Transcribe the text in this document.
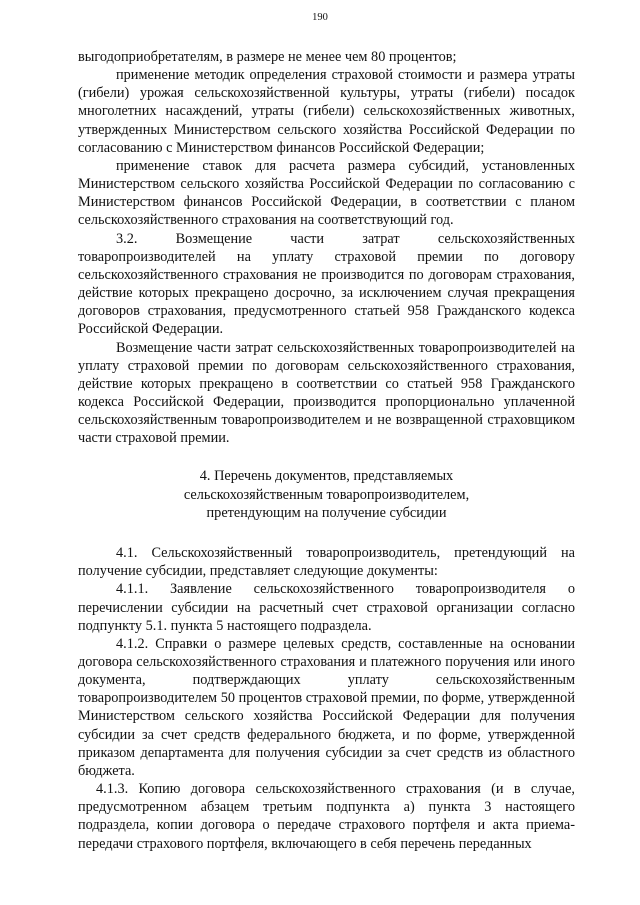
190

выгодоприобретателям, в размере не менее чем 80 процентов;

применение методик определения страховой стоимости и размера утраты (гибели) урожая сельскохозяйственной культуры, утраты (гибели) посадок многолетних насаждений, утраты (гибели) сельскохозяйственных животных, утвержденных Министерством сельского хозяйства Российской Федерации по согласованию с Министерством финансов Российской Федерации;

применение ставок для расчета размера субсидий, установленных Министерством сельского хозяйства Российской Федерации по согласованию с Министерством финансов Российской Федерации, в соответствии с планом сельскохозяйственного страхования на соответствующий год.

3.2. Возмещение части затрат сельскохозяйственных товаропроизводителей на уплату страховой премии по договору сельскохозяйственного страхования не производится по договорам страхования, действие которых прекращено досрочно, за исключением случая прекращения договоров страхования, предусмотренного статьей 958 Гражданского кодекса Российской Федерации.

Возмещение части затрат сельскохозяйственных товаропроизводителей на уплату страховой премии по договорам сельскохозяйственного страхования, действие которых прекращено в соответствии со статьей 958 Гражданского кодекса Российской Федерации, производится пропорционально уплаченной сельскохозяйственным товаропроизводителем и не возвращенной страховщиком части страховой премии.

4. Перечень документов, представляемых
сельскохозяйственным товаропроизводителем,
претендующим на получение субсидии

4.1. Сельскохозяйственный товаропроизводитель, претендующий на получение субсидии, представляет следующие документы:

4.1.1. Заявление сельскохозяйственного товаропроизводителя о перечислении субсидии на расчетный счет страховой организации согласно подпункту 5.1. пункта 5 настоящего подраздела.

4.1.2. Справки о размере целевых средств, составленные на основании договора сельскохозяйственного страхования и платежного поручения или иного документа, подтверждающих уплату сельскохозяйственным товаропроизводителем 50 процентов страховой премии, по форме, утвержденной Министерством сельского хозяйства Российской Федерации для получения субсидии за счет средств федерального бюджета, и по форме, утвержденной приказом департамента для получения субсидии за счет средств из областного бюджета.

4.1.3. Копию договора сельскохозяйственного страхования (и в случае, предусмотренном абзацем третьим подпункта а) пункта 3 настоящего подраздела, копии договора о передаче страхового портфеля и акта приема-передачи страхового портфеля, включающего в себя перечень переданных
